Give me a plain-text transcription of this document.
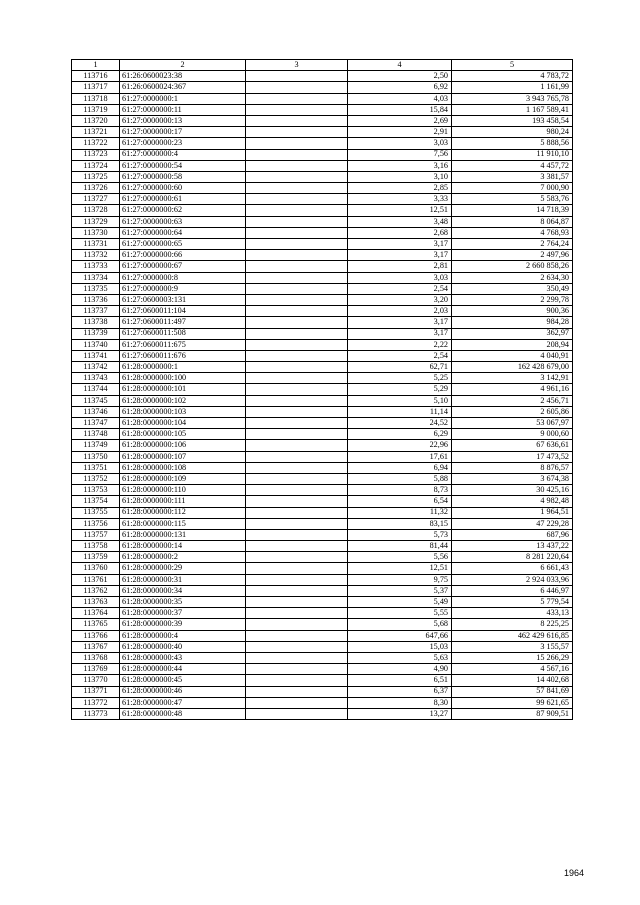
1	2	3	4	5
113716	61:26:0600023:38		2,50	4 783,72
113717	61:26:0600024:367		6,92	1 161,99
113718	61:27:0000000:1		4,03	3 943 765,78
113719	61:27:0000000:11		15,84	1 167 589,41
113720	61:27:0000000:13		2,69	193 458,54
113721	61:27:0000000:17		2,91	980,24
113722	61:27:0000000:23		3,03	5 888,56
113723	61:27:0000000:4		7,56	11 910,10
113724	61:27:0000000:54		3,16	4 457,72
113725	61:27:0000000:58		3,10	3 381,57
113726	61:27:0000000:60		2,85	7 000,90
113727	61:27:0000000:61		3,33	5 583,76
113728	61:27:0000000:62		12,51	14 718,39
113729	61:27:0000000:63		3,48	8 064,87
113730	61:27:0000000:64		2,68	4 768,93
113731	61:27:0000000:65		3,17	2 764,24
113732	61:27:0000000:66		3,17	2 497,96
113733	61:27:0000000:67		2,81	2 660 858,26
113734	61:27:0000000:8		3,03	2 634,30
113735	61:27:0000000:9		2,54	350,49
113736	61:27:0600003:131		3,20	2 299,78
113737	61:27:0600011:104		2,03	900,36
113738	61:27:0600011:497		3,17	984,28
113739	61:27:0600011:508		3,17	362,97
113740	61:27:0600011:675		2,22	208,94
113741	61:27:0600011:676		2,54	4 040,91
113742	61:28:0000000:1		62,71	162 428 679,00
113743	61:28:0000000:100		5,25	3 142,91
113744	61:28:0000000:101		5,29	4 961,16
113745	61:28:0000000:102		5,10	2 456,71
113746	61:28:0000000:103		11,14	2 605,86
113747	61:28:0000000:104		24,52	53 067,97
113748	61:28:0000000:105		6,29	9 000,60
113749	61:28:0000000:106		22,96	67 636,61
113750	61:28:0000000:107		17,61	17 473,52
113751	61:28:0000000:108		6,94	8 876,57
113752	61:28:0000000:109		5,88	3 674,38
113753	61:28:0000000:110		8,73	30 425,16
113754	61:28:0000000:111		6,54	4 982,48
113755	61:28:0000000:112		11,32	1 964,51
113756	61:28:0000000:115		83,15	47 229,28
113757	61:28:0000000:131		5,73	687,96
113758	61:28:0000000:14		81,44	13 437,22
113759	61:28:0000000:2		5,56	8 281 220,64
113760	61:28:0000000:29		12,51	6 661,43
113761	61:28:0000000:31		9,75	2 924 033,96
113762	61:28:0000000:34		5,37	6 446,97
113763	61:28:0000000:35		5,49	5 779,54
113764	61:28:0000000:37		5,55	433,13
113765	61:28:0000000:39		5,68	8 225,25
113766	61:28:0000000:4		647,66	462 429 616,85
113767	61:28:0000000:40		15,03	3 155,57
113768	61:28:0000000:43		5,63	15 266,29
113769	61:28:0000000:44		4,90	4 567,16
113770	61:28:0000000:45		6,51	14 402,68
113771	61:28:0000000:46		6,37	57 841,69
113772	61:28:0000000:47		8,30	99 621,65
113773	61:28:0000000:48		13,27	87 909,51
1964
